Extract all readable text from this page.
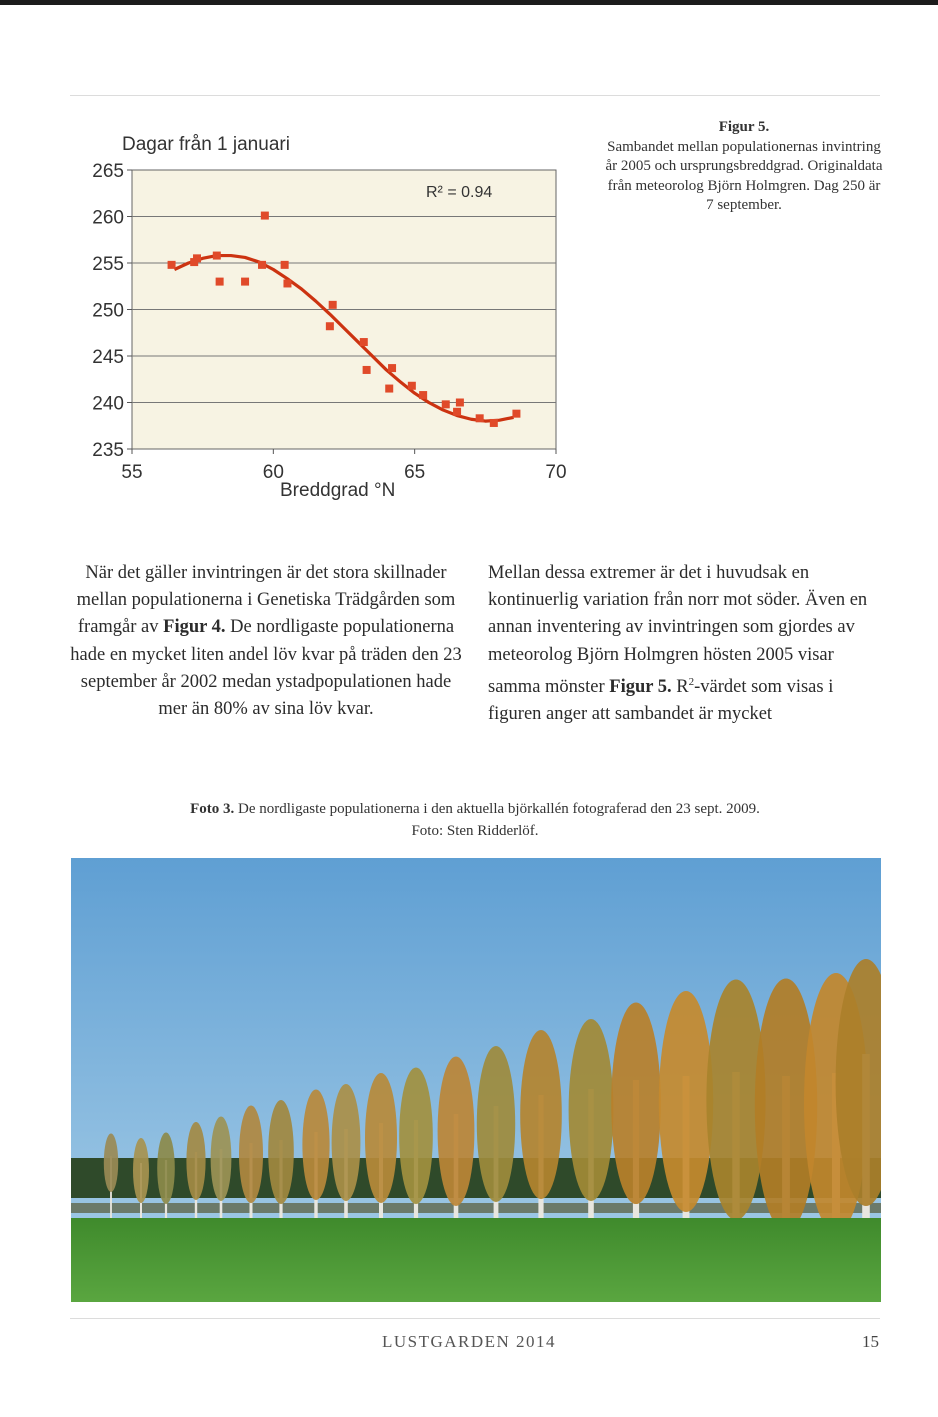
265
260
255
250
245
240
235
55	60	65	70
Dagar från 1 januari
Breddgrad °N
R² = 0.94
Figur 5.
Sambandet mellan populationernas invintring år 2005 och ursprungsbreddgrad. Originaldata från meteorolog Björn Holmgren. Dag 250 är 7 september.
När det gäller invintringen är det stora skillnader mellan populationerna i Genetiska Trädgården som framgår av Figur 4. De nordligaste populationerna hade en mycket liten andel löv kvar på träden den 23 september år 2002 medan ystadpopulationen hade mer än 80% av sina löv kvar.
Mellan dessa extremer är det i huvudsak en kontinuerlig variation från norr mot söder. Även en annan inventering av invintringen som gjordes av meteorolog Björn Holmgren hösten 2005 visar samma mönster Figur 5. $R^2$-värdet som visas i figuren anger att sambandet är mycket
Foto 3. De nordligaste populationerna i den aktuella björkallén fotograferad den 23 sept. 2009.
Foto: Sten Ridderlöf.
LUSTGARDEN 2014	15
